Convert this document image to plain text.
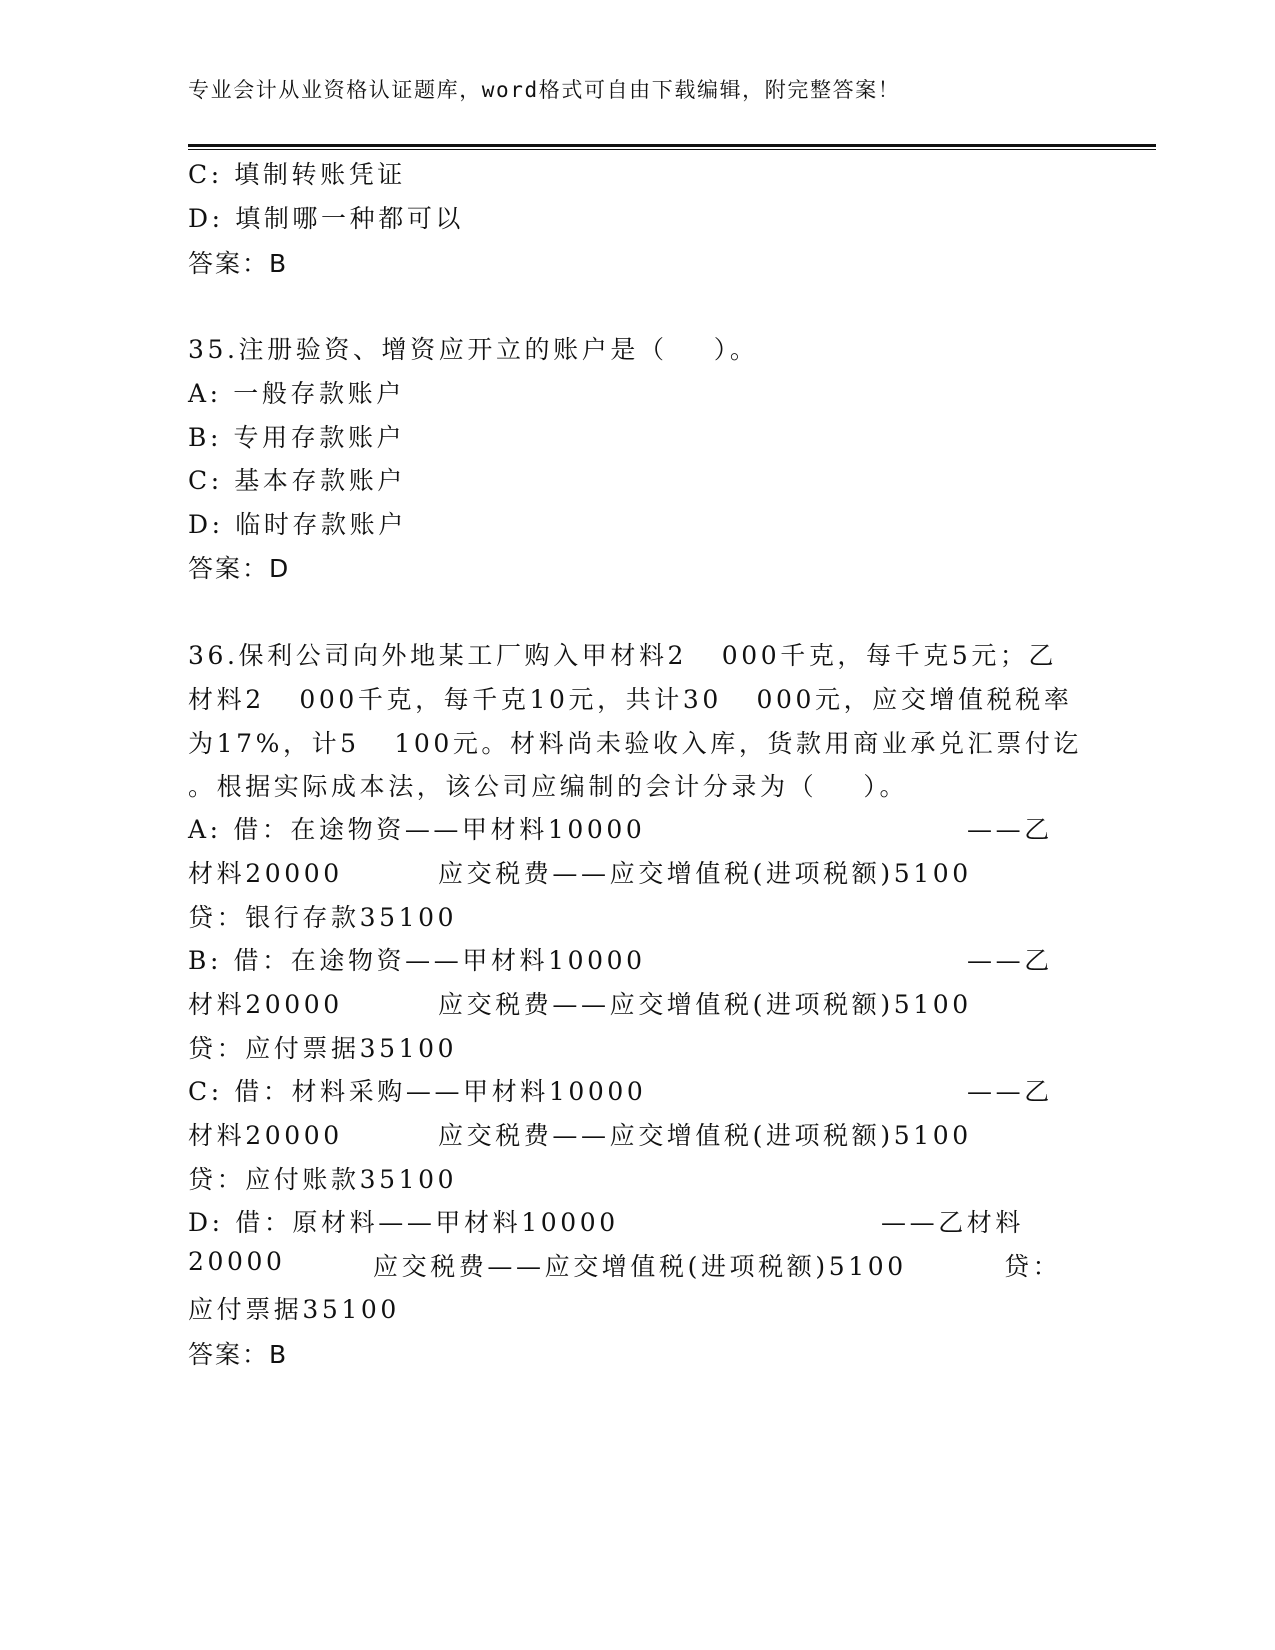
专业会计从业资格认证题库，word格式可自由下载编辑，附完整答案！
C: 填制转账凭证
D: 填制哪一种都可以
答案：B
35.注册验资、增资应开立的账户是（    ）。
A: 一般存款账户
B: 专用存款账户
C: 基本存款账户
D: 临时存款账户
答案：D
36.保利公司向外地某工厂购入甲材料2   000千克，每千克5元；乙
材料2   000千克，每千克10元，共计30   000元，应交增值税税率
为17%，计5   100元。材料尚未验收入库，货款用商业承兑汇票付讫
。根据实际成本法，该公司应编制的会计分录为（    ）。
A: 借：在途物资——甲材料10000	——乙
材料20000	应交税费——应交增值税(进项税额)5100
贷：银行存款35100
B: 借：在途物资——甲材料10000	——乙
材料20000	应交税费——应交增值税(进项税额)5100
贷：应付票据35100
C: 借：材料采购——甲材料10000	——乙
材料20000	应交税费——应交增值税(进项税额)5100
贷：应付账款35100
D: 借：原材料——甲材料10000	——乙材料
20000	应交税费——应交增值税(进项税额)5100	贷：
应付票据35100
答案：B
